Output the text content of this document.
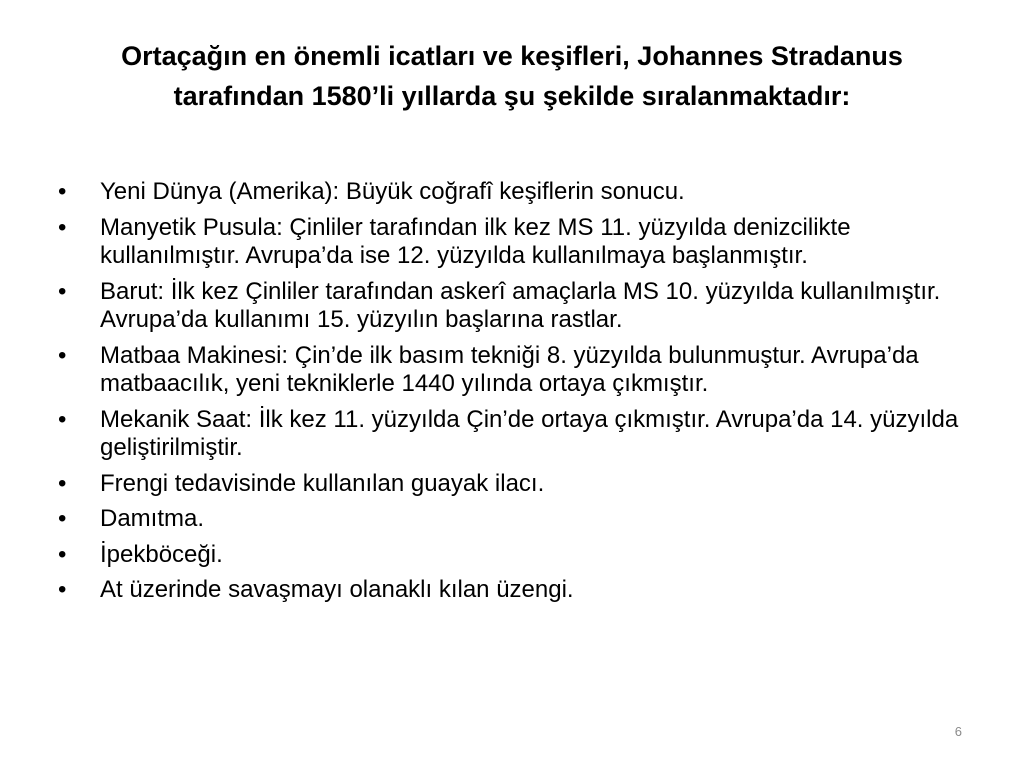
Ortaçağın en önemli icatları ve keşifleri, Johannes Stradanus tarafından 1580’li yıllarda şu şekilde sıralanmaktadır:
•	Yeni Dünya (Amerika): Büyük coğrafî keşiflerin sonucu.
•	Manyetik Pusula: Çinliler tarafından ilk kez MS 11. yüzyılda denizcilikte kullanılmıştır. Avrupa’da ise 12. yüzyılda kullanılmaya başlanmıştır.
•	Barut: İlk kez Çinliler tarafından askerî amaçlarla MS 10. yüzyılda kullanılmıştır. Avrupa’da kullanımı 15. yüzyılın başlarına rastlar.
•	Matbaa Makinesi: Çin’de ilk basım tekniği 8. yüzyılda bulunmuştur. Avrupa’da matbaacılık, yeni tekniklerle 1440 yılında ortaya çıkmıştır.
•	Mekanik Saat: İlk kez 11. yüzyılda Çin’de ortaya çıkmıştır. Avrupa’da 14. yüzyılda geliştirilmiştir.
•	Frengi tedavisinde kullanılan guayak ilacı.
•	Damıtma.
•	İpekböceği.
•	At üzerinde savaşmayı olanaklı kılan üzengi.
6
